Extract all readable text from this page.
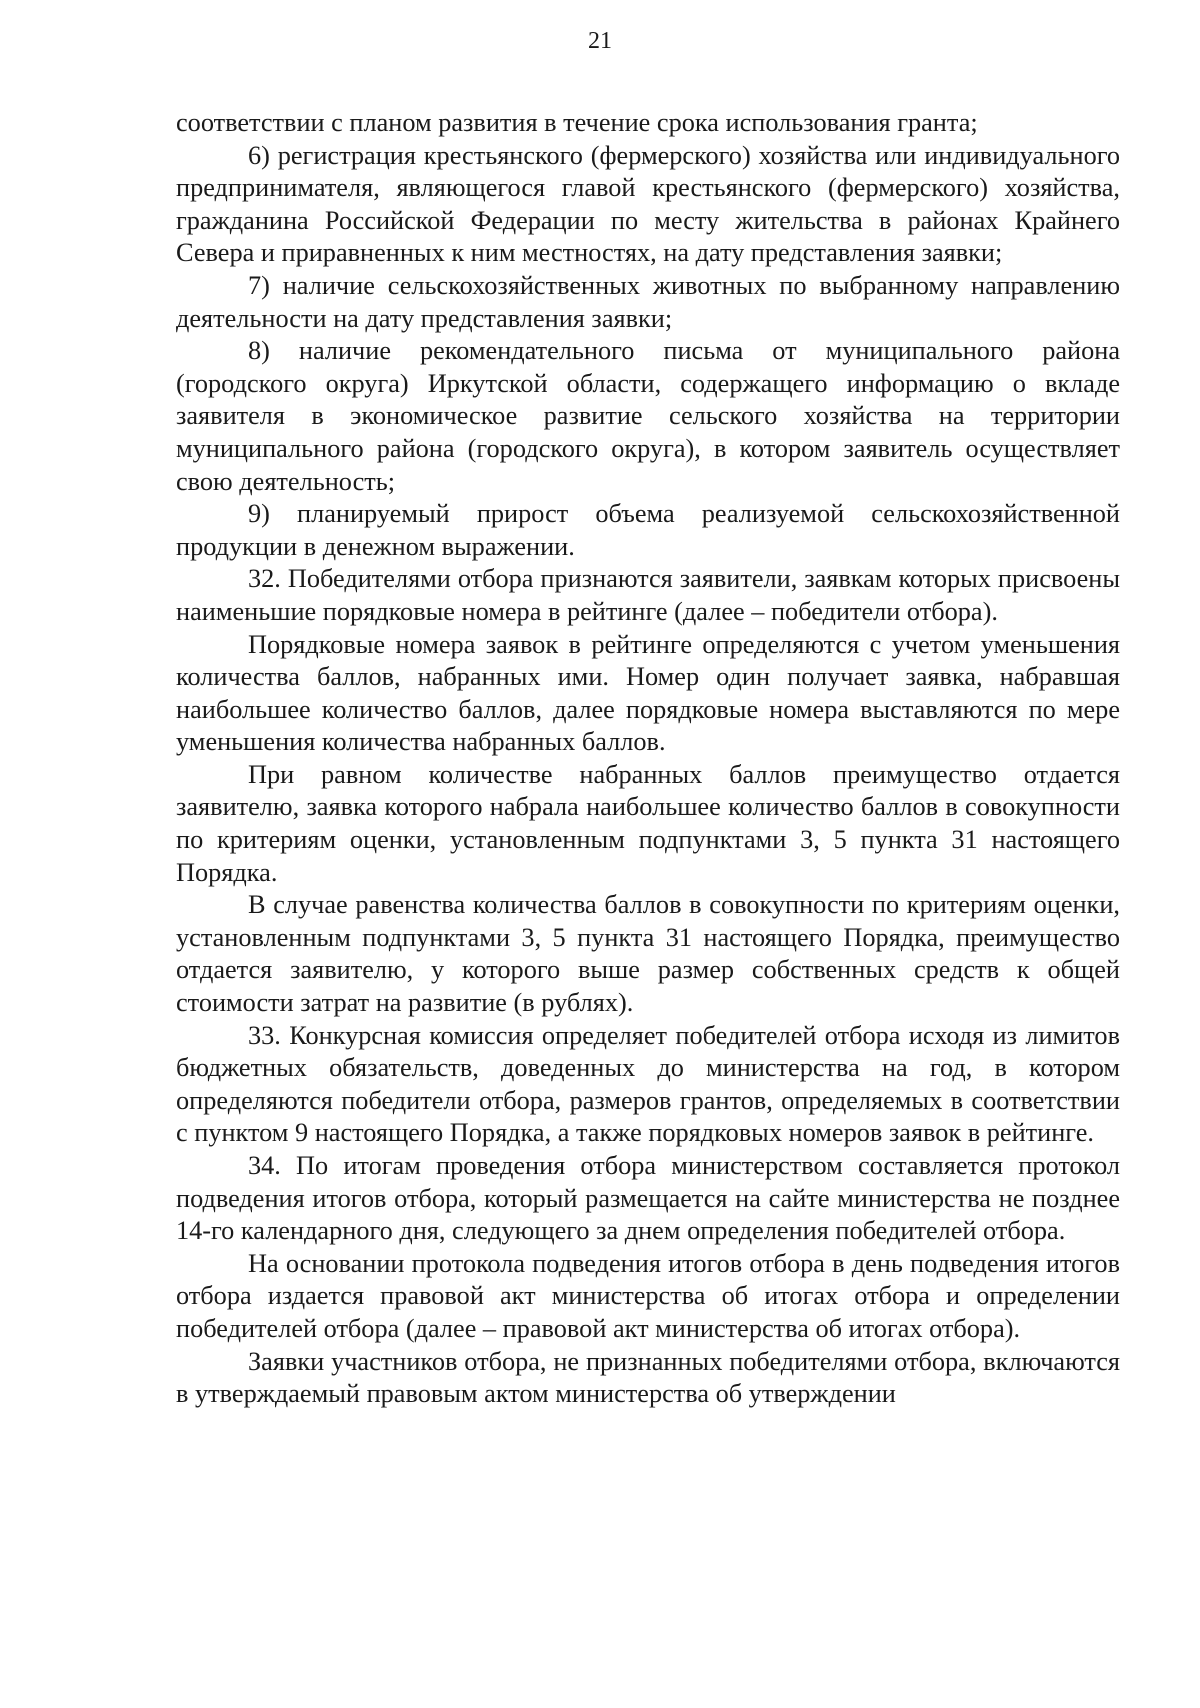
21

соответствии с планом развития в течение срока использования гранта;

6) регистрация крестьянского (фермерского) хозяйства или индивидуального предпринимателя, являющегося главой крестьянского (фермерского) хозяйства, гражданина Российской Федерации по месту жительства в районах Крайнего Севера и приравненных к ним местностях, на дату представления заявки;

7) наличие сельскохозяйственных животных по выбранному направлению деятельности на дату представления заявки;

8) наличие рекомендательного письма от муниципального района (городского округа) Иркутской области, содержащего информацию о вкладе заявителя в экономическое развитие сельского хозяйства на территории муниципального района (городского округа), в котором заявитель осуществляет свою деятельность;

9) планируемый прирост объема реализуемой сельскохозяйственной продукции в денежном выражении.

32. Победителями отбора признаются заявители, заявкам которых присвоены наименьшие порядковые номера в рейтинге (далее – победители отбора).

Порядковые номера заявок в рейтинге определяются с учетом уменьшения количества баллов, набранных ими. Номер один получает заявка, набравшая наибольшее количество баллов, далее порядковые номера выставляются по мере уменьшения количества набранных баллов.

При равном количестве набранных баллов преимущество отдается заявителю, заявка которого набрала наибольшее количество баллов в совокупности по критериям оценки, установленным подпунктами 3, 5 пункта 31 настоящего Порядка.

В случае равенства количества баллов в совокупности по критериям оценки, установленным подпунктами 3, 5 пункта 31 настоящего Порядка, преимущество отдается заявителю, у которого выше размер собственных средств к общей стоимости затрат на развитие (в рублях).

33. Конкурсная комиссия определяет победителей отбора исходя из лимитов бюджетных обязательств, доведенных до министерства на год, в котором определяются победители отбора, размеров грантов, определяемых в соответствии с пунктом 9 настоящего Порядка, а также порядковых номеров заявок в рейтинге.

34. По итогам проведения отбора министерством составляется протокол подведения итогов отбора, который размещается на сайте министерства не позднее 14-го календарного дня, следующего за днем определения победителей отбора.

На основании протокола подведения итогов отбора в день подведения итогов отбора издается правовой акт министерства об итогах отбора и определении победителей отбора (далее – правовой акт министерства об итогах отбора).

Заявки участников отбора, не признанных победителями отбора, включаются в утверждаемый правовым актом министерства об утверждении
